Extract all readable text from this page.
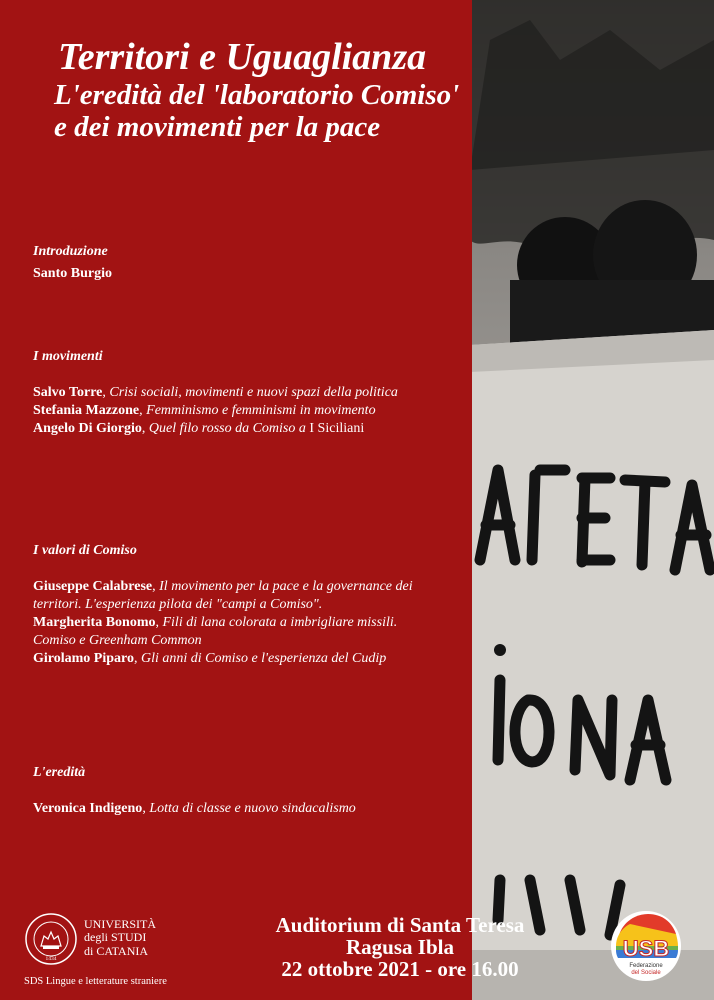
Territori e Uguaglianza
L'eredità del 'laboratorio Comiso'
e dei movimenti per la pace
Introduzione
Santo Burgio
I movimenti
Salvo Torre, Crisi sociali, movimenti e nuovi spazi della politica
Stefania Mazzone, Femminismo e femminismi in movimento
Angelo Di Giorgio, Quel filo rosso da Comiso a I Siciliani
I valori di Comiso
Giuseppe Calabrese, Il movimento per la pace e la governance dei territori. L'esperienza pilota dei "campi a Comiso".
Margherita Bonomo, Fili di lana colorata a imbrigliare missili. Comiso e Greenham Common
Girolamo Piparo, Gli anni di Comiso e l'esperienza del Cudip
L'eredità
Veronica Indigeno, Lotta di classe e nuovo sindacalismo
1434
UNIVERSITÀ
degli STUDI
di CATANIA
SDS Lingue e letterature straniere
Auditorium di Santa Teresa
Ragusa Ibla
22 ottobre 2021 - ore 16.00
USB
Federazione
del Sociale
